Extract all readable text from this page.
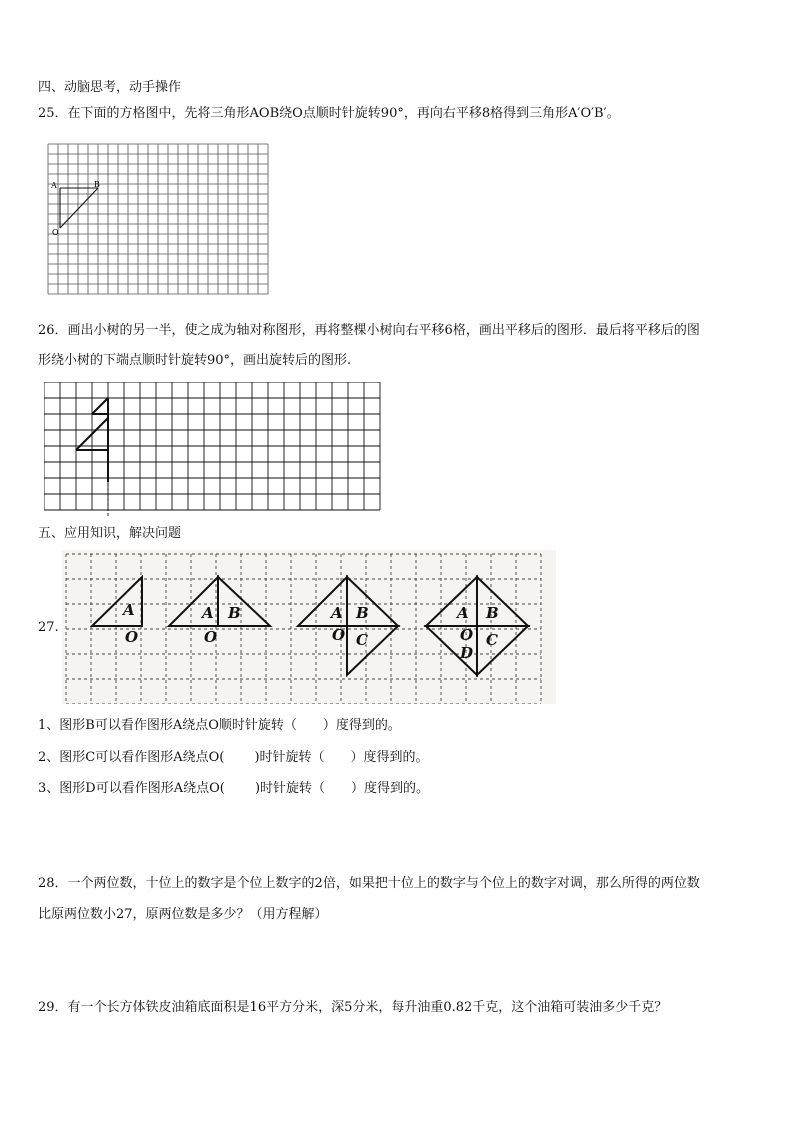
四、动脑思考，动手操作
25．在下面的方格图中，先将三角形AOB绕O点顺时针旋转90°，再向右平移8格得到三角形A′O′B′。
A	B
O
26．画出小树的另一半，使之成为轴对称图形，再将整棵小树向右平移6格，画出平移后的图形．最后将平移后的图
形绕小树的下端点顺时针旋转90°，画出旋转后的图形.
五、应用知识，解决问题
27.
A
O
A B
O
A B
O C
A B
O C
D
1、图形B可以看作图形A绕点O顺时针旋转（　　）度得到的。
2、图形C可以看作图形A绕点O(　　 )时针旋转（　　）度得到的。
3、图形D可以看作图形A绕点O(　　 )时针旋转（　　）度得到的。
28．一个两位数，十位上的数字是个位上数字的2倍，如果把十位上的数字与个位上的数字对调，那么所得的两位数
比原两位数小27，原两位数是多少？（用方程解）
29．有一个长方体铁皮油箱底面积是16平方分米，深5分米，每升油重0.82千克，这个油箱可装油多少千克？
